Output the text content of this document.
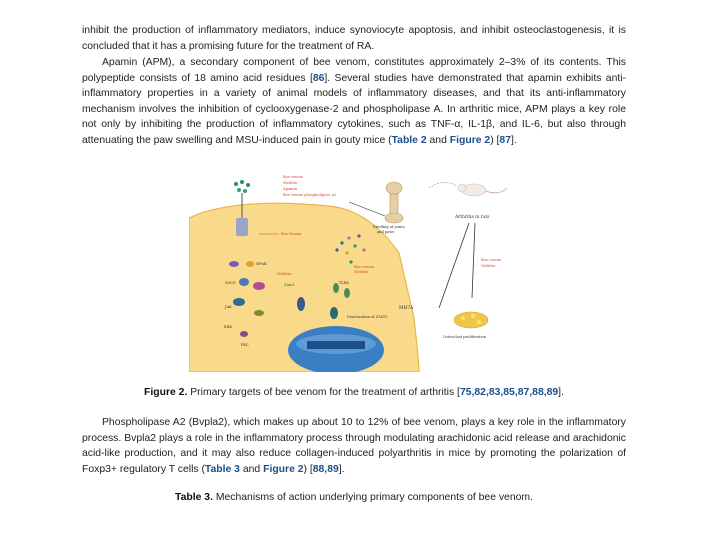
inhibit the production of inflammatory mediators, induce synoviocyte apoptosis, and inhibit osteoclastogenesis, it is concluded that it has a promising future for the treatment of RA.

Apamin (APM), a secondary component of bee venom, constitutes approximately 2–3% of its contents. This polypeptide consists of 18 amino acid residues [86]. Several studies have demonstrated that apamin exhibits anti-inflammatory properties in a variety of animal models of inflammatory diseases, and that its anti-inflammatory mechanism involves the inhibition of cyclooxygenase-2 and phospholipase A. In arthritic mice, APM plays a key role not only by inhibiting the production of inflammatory cytokines, such as TNF-α, IL-1β, and IL-6, but also through attenuating the paw swelling and MSU-induced pain in gouty mice (Table 2 and Figure 2) [87].

Bee Venom
Melittin
NFκB
Cox-2
SOCS
JAK
ERK
PKC
TLR4
Bee venom
Melittin
Deactivation of STAT3
Bee venom
Melittin
Apamin
Bee venom phospholipase A2
Swelling of joints
and paws
Arthritis in rats
Bee venom
Melittin
MH7A
Osteoclast proliferation

Figure 2. Primary targets of bee venom for the treatment of arthritis [75,82,83,85,87,88,89].

Phospholipase A2 (Bvpla2), which makes up about 10 to 12% of bee venom, plays a key role in the inflammatory process. Bvpla2 plays a role in the inflammatory process through modulating arachidonic acid release and arachidonic acid-like production, and it may also reduce collagen-induced polyarthritis in mice by promoting the polarization of Foxp3+ regulatory T cells (Table 3 and Figure 2) [88,89].

Table 3. Mechanisms of action underlying primary components of bee venom.
